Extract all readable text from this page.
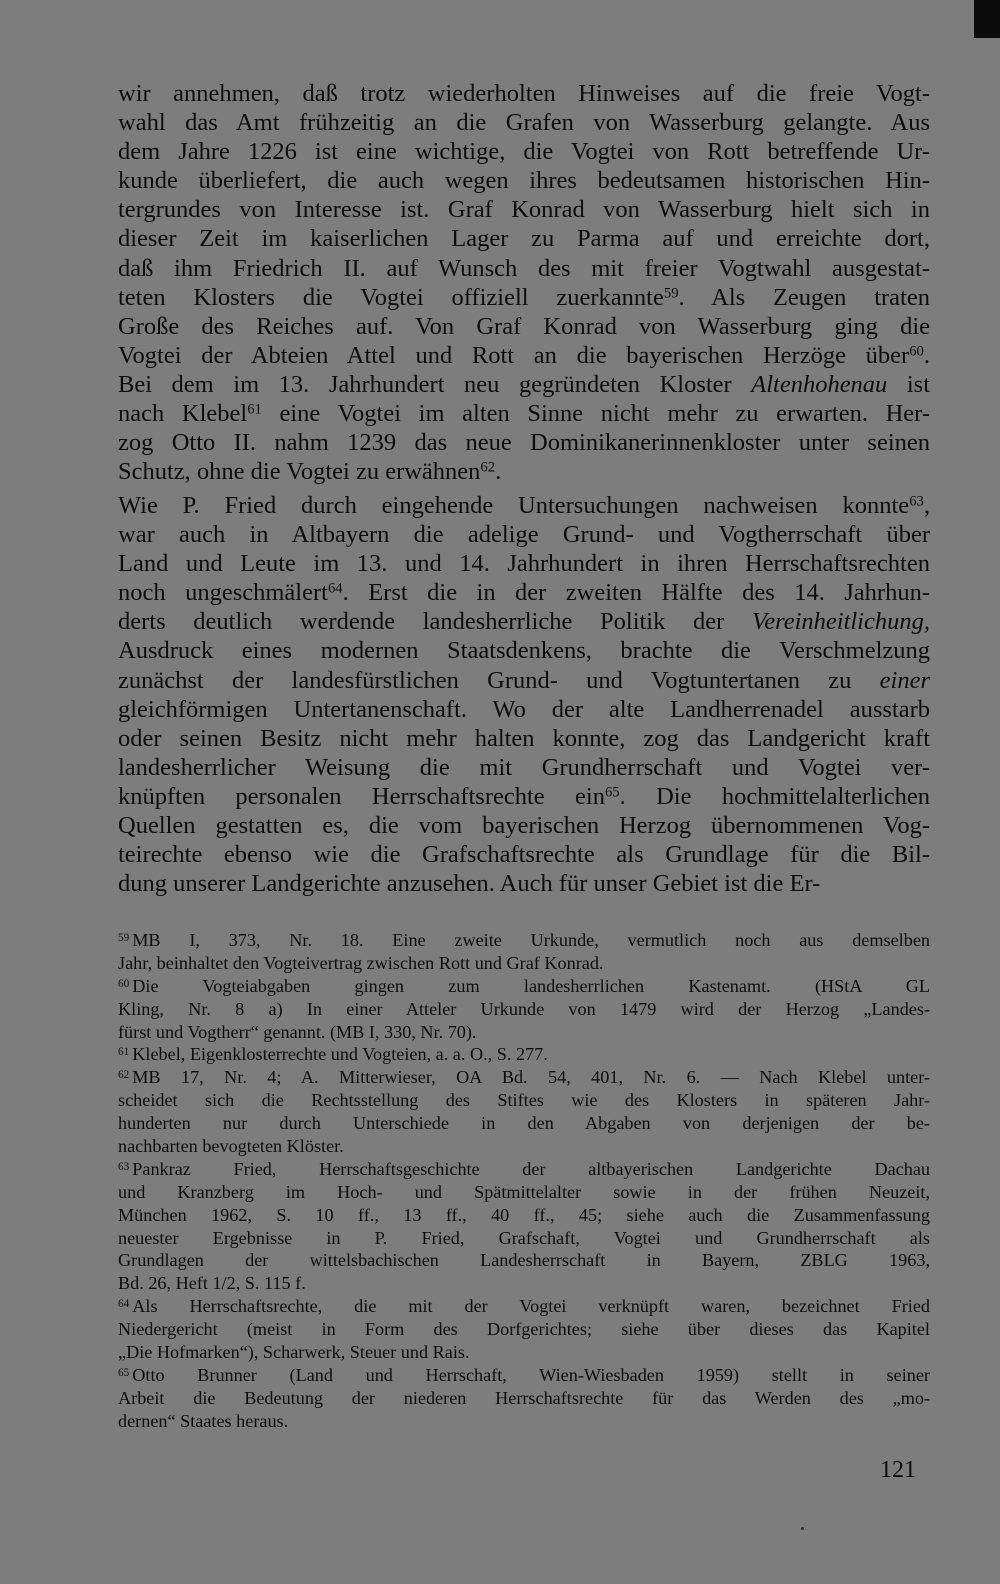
wir annehmen, daß trotz wiederholten Hinweises auf die freie Vogt-
wahl das Amt frühzeitig an die Grafen von Wasserburg gelangte. Aus
dem Jahre 1226 ist eine wichtige, die Vogtei von Rott betreffende Ur-
kunde überliefert, die auch wegen ihres bedeutsamen historischen Hin-
tergrundes von Interesse ist. Graf Konrad von Wasserburg hielt sich in
dieser Zeit im kaiserlichen Lager zu Parma auf und erreichte dort,
daß ihm Friedrich II. auf Wunsch des mit freier Vogtwahl ausgestat-
teten Klosters die Vogtei offiziell zuerkannte$^{59}$. Als Zeugen traten
Große des Reiches auf. Von Graf Konrad von Wasserburg ging die
Vogtei der Abteien Attel und Rott an die bayerischen Herzöge über$^{60}$.
Bei dem im 13. Jahrhundert neu gegründeten Kloster Altenhohenau ist
nach Klebel$^{61}$ eine Vogtei im alten Sinne nicht mehr zu erwarten. Her-
zog Otto II. nahm 1239 das neue Dominikanerinnenkloster unter seinen
Schutz, ohne die Vogtei zu erwähnen$^{62}$.
Wie P. Fried durch eingehende Untersuchungen nachweisen konnte$^{63}$,
war auch in Altbayern die adelige Grund- und Vogtherrschaft über
Land und Leute im 13. und 14. Jahrhundert in ihren Herrschaftsrechten
noch ungeschmälert$^{64}$. Erst die in der zweiten Hälfte des 14. Jahrhun-
derts deutlich werdende landesherrliche Politik der Vereinheitlichung,
Ausdruck eines modernen Staatsdenkens, brachte die Verschmelzung
zunächst der landesfürstlichen Grund- und Vogtuntertanen zu einer
gleichförmigen Untertanenschaft. Wo der alte Landherrenadel ausstarb
oder seinen Besitz nicht mehr halten konnte, zog das Landgericht kraft
landesherrlicher Weisung die mit Grundherrschaft und Vogtei ver-
knüpften personalen Herrschaftsrechte ein$^{65}$. Die hochmittelalterlichen
Quellen gestatten es, die vom bayerischen Herzog übernommenen Vog-
teirechte ebenso wie die Grafschaftsrechte als Grundlage für die Bil-
dung unserer Landgerichte anzusehen. Auch für unser Gebiet ist die Er-
$^{59}$ MB I, 373, Nr. 18. Eine zweite Urkunde, vermutlich noch aus demselben
Jahr, beinhaltet den Vogteivertrag zwischen Rott und Graf Konrad.
$^{60}$ Die Vogteiabgaben gingen zum landesherrlichen Kastenamt. (HStA GL
Kling, Nr. 8 a) In einer Atteler Urkunde von 1479 wird der Herzog „Landes-
fürst und Vogtherr“ genannt. (MB I, 330, Nr. 70).
$^{61}$ Klebel, Eigenklosterrechte und Vogteien, a. a. O., S. 277.
$^{62}$ MB 17, Nr. 4; A. Mitterwieser, OA Bd. 54, 401, Nr. 6. — Nach Klebel unter-
scheidet sich die Rechtsstellung des Stiftes wie des Klosters in späteren Jahr-
hunderten nur durch Unterschiede in den Abgaben von derjenigen der be-
nachbarten bevogteten Klöster.
$^{63}$ Pankraz Fried, Herrschaftsgeschichte der altbayerischen Landgerichte Dachau
und Kranzberg im Hoch- und Spätmittelalter sowie in der frühen Neuzeit,
München 1962, S. 10 ff., 13 ff., 40 ff., 45; siehe auch die Zusammenfassung
neuester Ergebnisse in P. Fried, Grafschaft, Vogtei und Grundherrschaft als
Grundlagen der wittelsbachischen Landesherrschaft in Bayern, ZBLG 1963,
Bd. 26, Heft 1/2, S. 115 f.
$^{64}$ Als Herrschaftsrechte, die mit der Vogtei verknüpft waren, bezeichnet Fried
Niedergericht (meist in Form des Dorfgerichtes; siehe über dieses das Kapitel
„Die Hofmarken“), Scharwerk, Steuer und Rais.
$^{65}$ Otto Brunner (Land und Herrschaft, Wien-Wiesbaden 1959) stellt in seiner
Arbeit die Bedeutung der niederen Herrschaftsrechte für das Werden des „mo-
dernen“ Staates heraus.
121
